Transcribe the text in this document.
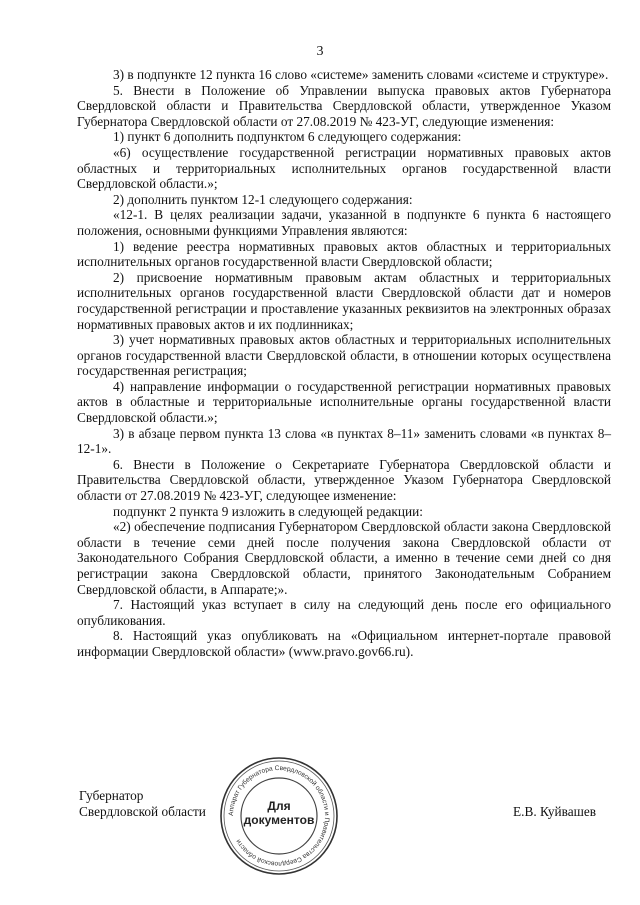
3

3) в подпункте 12 пункта 16 слово «системе» заменить словами «системе и структуре».

5. Внести в Положение об Управлении выпуска правовых актов Губернатора Свердловской области и Правительства Свердловской области, утвержденное Указом Губернатора Свердловской области от 27.08.2019 № 423-УГ, следующие изменения:

1) пункт 6 дополнить подпунктом 6 следующего содержания:

«6) осуществление государственной регистрации нормативных правовых актов областных и территориальных исполнительных органов государственной власти Свердловской области.»;

2) дополнить пунктом 12-1 следующего содержания:

«12-1. В целях реализации задачи, указанной в подпункте 6 пункта 6 настоящего положения, основными функциями Управления являются:

1) ведение реестра нормативных правовых актов областных и территориальных исполнительных органов государственной власти Свердловской области;

2) присвоение нормативным правовым актам областных и территориальных исполнительных органов государственной власти Свердловской области дат и номеров государственной регистрации и проставление указанных реквизитов на электронных образах нормативных правовых актов и их подлинниках;

3) учет нормативных правовых актов областных и территориальных исполнительных органов государственной власти Свердловской области, в отношении которых осуществлена государственная регистрация;

4) направление информации о государственной регистрации нормативных правовых актов в областные и территориальные исполнительные органы государственной власти Свердловской области.»;

3) в абзаце первом пункта 13 слова «в пунктах 8–11» заменить словами «в пунктах 8–12-1».

6. Внести в Положение о Секретариате Губернатора Свердловской области и Правительства Свердловской области, утвержденное Указом Губернатора Свердловской области от 27.08.2019 № 423-УГ, следующее изменение:

подпункт 2 пункта 9 изложить в следующей редакции:

«2) обеспечение подписания Губернатором Свердловской области закона Свердловской области в течение семи дней после получения закона Свердловской области от Законодательного Собрания Свердловской области, а именно в течение семи дней со дня регистрации закона Свердловской области, принятого Законодательным Собранием Свердловской области, в Аппарате;».

7. Настоящий указ вступает в силу на следующий день после его официального опубликования.

8. Настоящий указ опубликовать на «Официальном интернет-портале правовой информации Свердловской области» (www.pravo.gov66.ru).

Губернатор
Свердловской области	Аппарат Губернатора Свердловской области и Правительства Свердловской области
Для
документов
Е.В. Куйвашев
